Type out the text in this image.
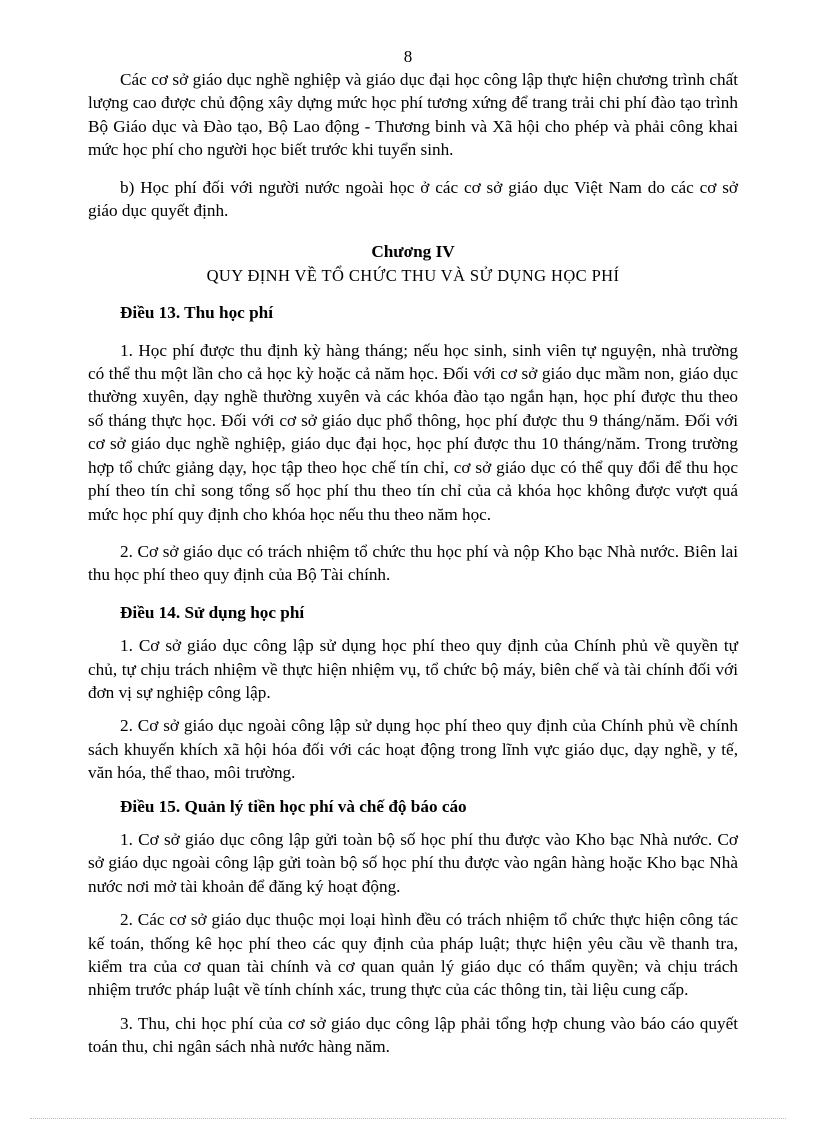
8

Các cơ sở giáo dục nghề nghiệp và giáo dục đại học công lập thực hiện chương trình chất lượng cao được chủ động xây dựng mức học phí tương xứng để trang trải chi phí đào tạo trình Bộ Giáo dục và Đào tạo, Bộ Lao động - Thương binh và Xã hội cho phép và phải công khai mức học phí cho người học biết trước khi tuyển sinh.

b) Học phí đối với người nước ngoài học ở các cơ sở giáo dục Việt Nam do các cơ sở giáo dục quyết định.

Chương IV

QUY ĐỊNH VỀ TỔ CHỨC THU VÀ SỬ DỤNG HỌC PHÍ

Điều 13. Thu học phí

1. Học phí được thu định kỳ hàng tháng; nếu học sinh, sinh viên tự nguyện, nhà trường có thể thu một lần cho cả học kỳ hoặc cả năm học. Đối với cơ sở giáo dục mầm non, giáo dục thường xuyên, dạy nghề thường xuyên và các khóa đào tạo ngắn hạn, học phí được thu theo số tháng thực học. Đối với cơ sở giáo dục phổ thông, học phí được thu 9 tháng/năm. Đối với cơ sở giáo dục nghề nghiệp, giáo dục đại học, học phí được thu 10 tháng/năm. Trong trường hợp tổ chức giảng dạy, học tập theo học chế tín chỉ, cơ sở giáo dục có thể quy đổi để thu học phí theo tín chỉ song tổng số học phí thu theo tín chỉ của cả khóa học không được vượt quá mức học phí quy định cho khóa học nếu thu theo năm học.

2. Cơ sở giáo dục có trách nhiệm tổ chức thu học phí và nộp Kho bạc Nhà nước. Biên lai thu học phí theo quy định của Bộ Tài chính.

Điều 14. Sử dụng học phí

1. Cơ sở giáo dục công lập sử dụng học phí theo quy định của Chính phủ về quyền tự chủ, tự chịu trách nhiệm về thực hiện nhiệm vụ, tổ chức bộ máy, biên chế và tài chính đối với đơn vị sự nghiệp công lập.

2. Cơ sở giáo dục ngoài công lập sử dụng học phí theo quy định của Chính phủ về chính sách khuyến khích xã hội hóa đối với các hoạt động trong lĩnh vực giáo dục, dạy nghề, y tế, văn hóa, thể thao, môi trường.

Điều 15. Quản lý tiền học phí và chế độ báo cáo

1. Cơ sở giáo dục công lập gửi toàn bộ số học phí thu được vào Kho bạc Nhà nước. Cơ sở giáo dục ngoài công lập gửi toàn bộ số học phí thu được vào ngân hàng hoặc Kho bạc Nhà nước nơi mở tài khoản để đăng ký hoạt động.

2. Các cơ sở giáo dục thuộc mọi loại hình đều có trách nhiệm tổ chức thực hiện công tác kế toán, thống kê học phí theo các quy định của pháp luật; thực hiện yêu cầu về thanh tra, kiểm tra của cơ quan tài chính và cơ quan quản lý giáo dục có thẩm quyền; và chịu trách nhiệm trước pháp luật về tính chính xác, trung thực của các thông tin, tài liệu cung cấp.

3. Thu, chi học phí của cơ sở giáo dục công lập phải tổng hợp chung vào báo cáo quyết toán thu, chi ngân sách nhà nước hàng năm.
